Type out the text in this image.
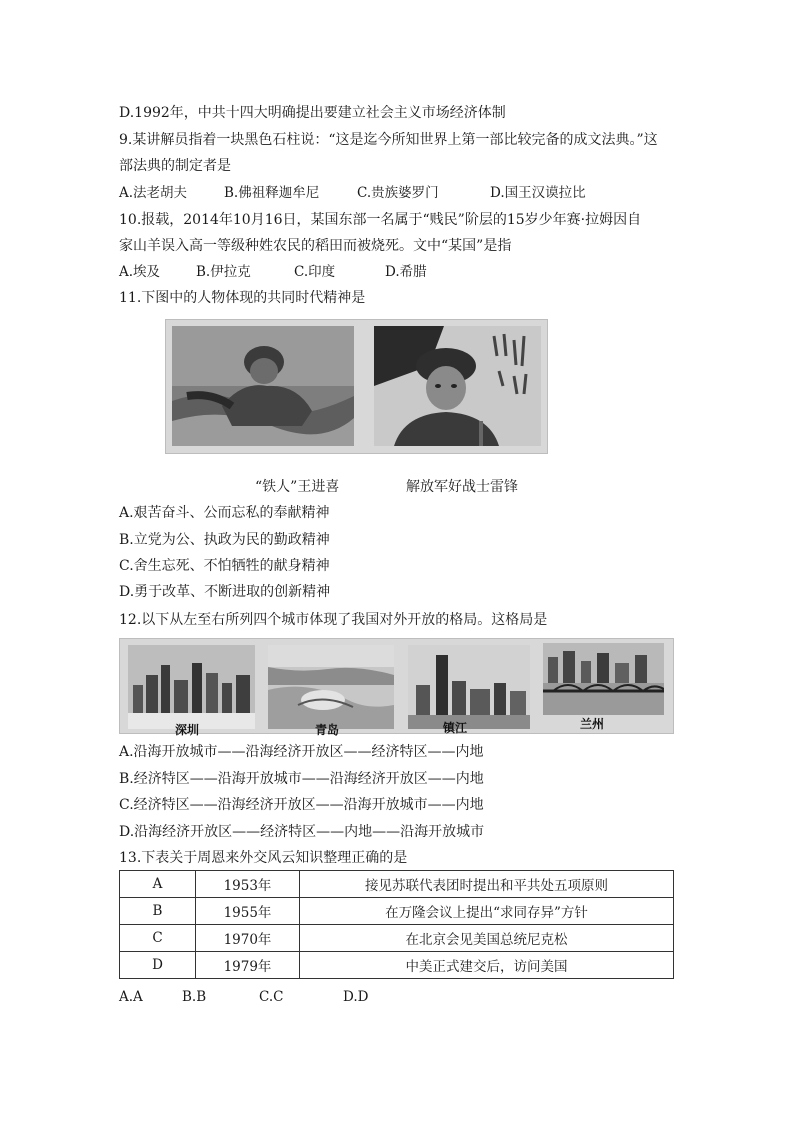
D.1992年，中共十四大明确提出要建立社会主义市场经济体制
9.某讲解员指着一块黑色石柱说：“这是迄今所知世界上第一部比较完备的成文法典。”这
部法典的制定者是
A.法老胡夫	B.佛祖释迦牟尼	C.贵族婆罗门	D.国王汉谟拉比
10.报载，2014年10月16日，某国东部一名属于“贱民”阶层的15岁少年赛·拉姆因自
家山羊误入高一等级种姓农民的稻田而被烧死。文中“某国”是指
A.埃及	B.伊拉克	C.印度	D.希腊
11.下图中的人物体现的共同时代精神是
“铁人”王进喜	解放军好战士雷锋
A.艰苦奋斗、公而忘私的奉献精神
B.立党为公、执政为民的勤政精神
C.舍生忘死、不怕牺牲的献身精神
D.勇于改革、不断进取的创新精神
12.以下从左至右所列四个城市体现了我国对外开放的格局。这格局是
深圳	青岛	镇江	兰州
A.沿海开放城市——沿海经济开放区——经济特区——内地
B.经济特区——沿海开放城市——沿海经济开放区——内地
C.经济特区——沿海经济开放区——沿海开放城市——内地
D.沿海经济开放区——经济特区——内地——沿海开放城市
13.下表关于周恩来外交风云知识整理正确的是
A	1953年	接见苏联代表团时提出和平共处五项原则
B	1955年	在万隆会议上提出“求同存异”方针
C	1970年	在北京会见美国总统尼克松
D	1979年	中美正式建交后，访问美国
A.A	B.B	C.C	D.D
